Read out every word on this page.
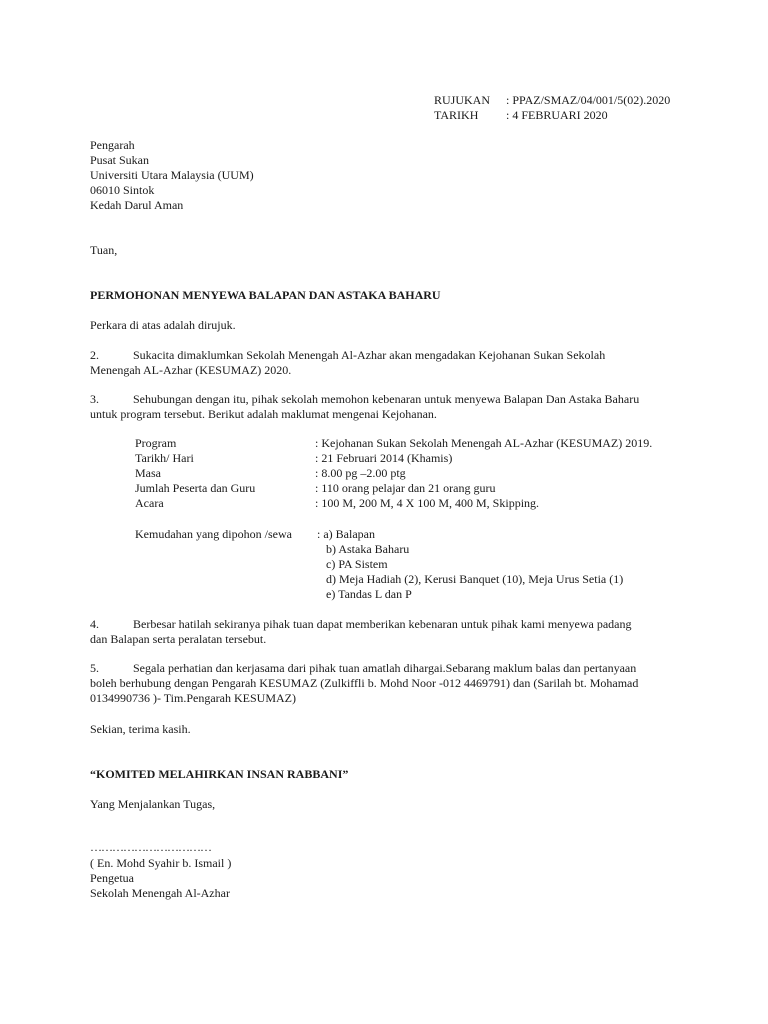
RUJUKAN	: PPAZ/SMAZ/04/001/5(02).2020
TARIKH	: 4 FEBRUARI 2020
Pengarah
Pusat Sukan
Universiti Utara Malaysia (UUM)
06010 Sintok
Kedah Darul Aman
Tuan,
PERMOHONAN MENYEWA BALAPAN DAN ASTAKA BAHARU
Perkara di atas adalah dirujuk.
2.	Sukacita dimaklumkan Sekolah Menengah Al-Azhar akan mengadakan Kejohanan Sukan Sekolah
Menengah AL-Azhar (KESUMAZ) 2020.
3.	Sehubungan dengan itu, pihak sekolah memohon kebenaran untuk menyewa Balapan Dan Astaka Baharu
untuk program tersebut. Berikut adalah maklumat mengenai Kejohanan.
Program	: Kejohanan Sukan Sekolah Menengah AL-Azhar (KESUMAZ) 2019.
Tarikh/ Hari	: 21 Februari 2014 (Khamis)
Masa	: 8.00 pg –2.00 ptg
Jumlah Peserta dan Guru	: 110 orang pelajar dan 21 orang guru
Acara	: 100 M, 200 M, 4 X 100 M, 400 M, Skipping.
Kemudahan yang dipohon /sewa	: a) Balapan
b) Astaka Baharu
c) PA Sistem
d) Meja Hadiah (2), Kerusi Banquet (10), Meja Urus Setia (1)
e) Tandas L dan P
4.	Berbesar hatilah sekiranya pihak tuan dapat memberikan kebenaran untuk pihak kami menyewa padang
dan Balapan serta peralatan tersebut.
5.	Segala perhatian dan kerjasama dari pihak tuan amatlah dihargai.Sebarang maklum balas dan pertanyaan
boleh berhubung dengan Pengarah KESUMAZ (Zulkiffli b. Mohd Noor -012 4469791) dan (Sarilah bt. Mohamad
0134990736 )- Tim.Pengarah KESUMAZ)
Sekian, terima kasih.
“KOMITED MELAHIRKAN INSAN RABBANI”
Yang Menjalankan Tugas,
……………………………
( En. Mohd Syahir b. Ismail )
Pengetua
Sekolah Menengah Al-Azhar
